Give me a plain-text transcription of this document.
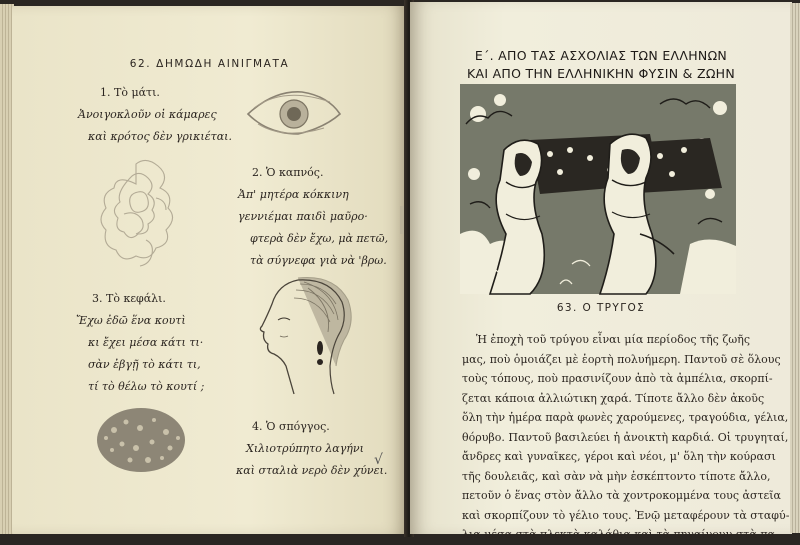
62. ΔΗΜΩΔΗ ΑΙΝΙΓΜΑΤΑ
1. Τὸ μάτι.
Ἀνοιγοκλοῦν οἱ κάμαρες
καὶ κρότος δὲν γρικιέται.
2. Ὁ καπνός.
Ἀπ' μητέρα κόκκινη
γεννιέμαι παιδὶ μαῦρο·
φτερὰ δὲν ἔχω, μὰ πετῶ,
τὰ σύγνεφα γιὰ νὰ 'βρω.
3. Τὸ κεφάλι.
Ἔχω ἐδῶ ἕνα κουτὶ
κι ἔχει μέσα κάτι τι·
σὰν ἐβγῇ τὸ κάτι τι,
τί τὸ θέλω τὸ κουτί ;
4. Ὁ σπόγγος.
Χιλιοτρύπητο λαγήνι
καὶ σταλιὰ νερὸ δὲν χύνει.
√
Ε΄. ΑΠΟ ΤΑΣ ΑΣΧΟΛΙΑΣ ΤΩΝ ΕΛΛΗΝΩΝ
ΚΑΙ ΑΠΟ ΤΗΝ ΕΛΛΗΝΙΚΗΝ ΦΥΣΙΝ & ΖΩΗΝ
63. Ο ΤΡΥΓΟΣ
Ἡ ἐποχὴ τοῦ τρύγου εἶναι μία περίοδος τῆς ζωῆς
μας, ποὺ ὁμοιάζει μὲ ἑορτὴ πολυήμερη. Παντοῦ σὲ ὅλους
τοὺς τόπους, ποὺ πρασινίζουν ἀπὸ τὰ ἀμπέλια, σκορπί-
ζεται κάποια ἀλλιώτικη χαρά. Τίποτε ἄλλο δὲν ἀκοῦς
ὅλη τὴν ἡμέρα παρὰ φωνὲς χαρούμενες, τραγούδια, γέλια,
θόρυβο. Παντοῦ βασιλεύει ἡ ἀνοικτὴ καρδιά. Οἱ τρυγηταί,
ἄνδρες καὶ γυναῖκες, γέροι καὶ νέοι, μ' ὅλη τὴν κούρασι
τῆς δουλειᾶς, καὶ σὰν νὰ μὴν ἐσκέπτοντο τίποτε ἄλλο,
πετοῦν ὁ ἕνας στὸν ἄλλο τὰ χοντροκομμένα τους ἀστεῖα
καὶ σκορπίζουν τὸ γέλιο τους. Ἐνῷ μεταφέρουν τὰ σταφύ-
λια μέσα στὰ πλεκτὰ καλάθια καὶ τὰ πηγαίνουν στὰ πα-
